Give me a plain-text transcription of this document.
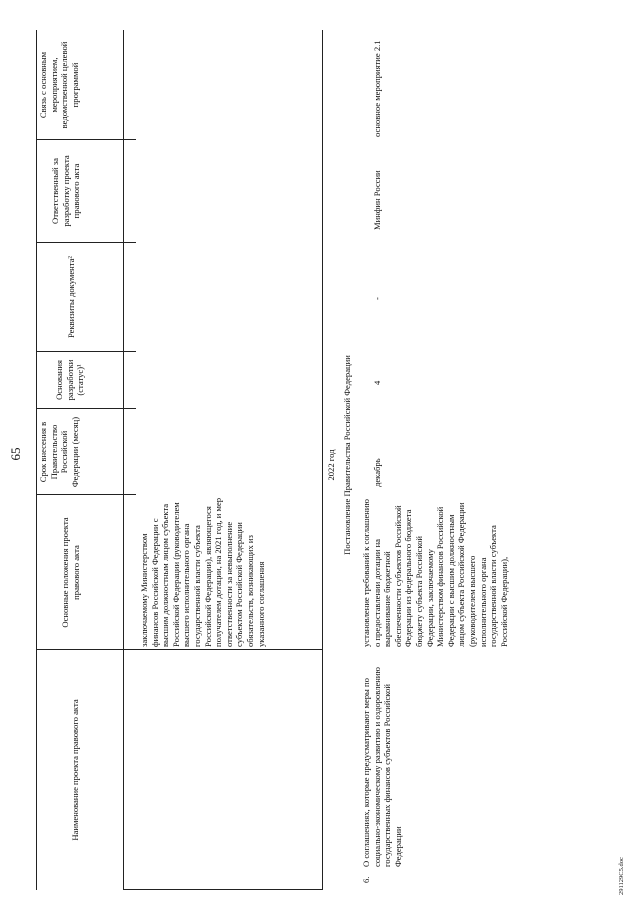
65
Наименование проекта правового акта
Основные положения проекта правового акта
Срок внесения в Правительство Российской Федерации (месяц)
Основания разработки (статус)¹
Реквизиты документа²
Ответственный за разработку проекта правового акта
Связь с основным мероприятием, ведомственной целевой программой
заключаемому Министерством финансов Российской Федерации с высшим должностным лицом субъекта Российской Федерации (руководителем высшего исполнительного органа государственной власти субъекта Российской Федерации), являющегося получателем дотации, на 2021 год, и мер ответственности за невыполнение субъектом Российской Федерации обязательств, возникающих из указанного соглашения
2022 год Постановление Правительства Российской Федерации
6.
О соглашениях, которые предусматривают меры по социально-экономическому развитию и оздоровлению государственных финансов субъектов Российской Федерации
установление требований к соглашению о предоставлении дотации на выравнивание бюджетной обеспеченности субъектов Российской Федерации из федерального бюджета бюджету субъекта Российской Федерации, заключаемому Министерством финансов Российской Федерации с высшим должностным лицом субъекта Российской Федерации (руководителем высшего исполнительного органа государственной власти субъекта Российской Федерации),
декабрь
4
-
Минфин России
основное мероприятие 2.1
291129C5.doc
